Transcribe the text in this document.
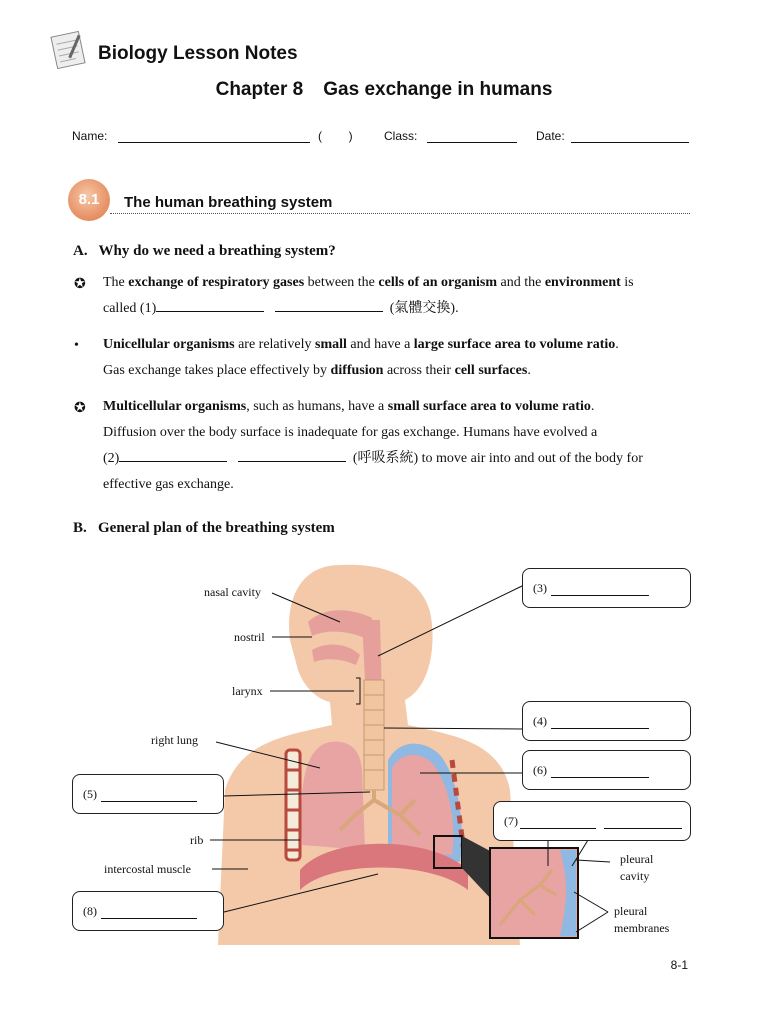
Biology Lesson Notes
Chapter 8 Gas exchange in humans
Name:	(        )	Class:	Date:
8.1	The human breathing system
A.   Why do we need a breathing system?
✪ The exchange of respiratory gases between the cells of an organism and the environment is
called (1)	(氣體交換).
• Unicellular organisms are relatively small and have a large surface area to volume ratio.
Gas exchange takes place effectively by diffusion across their cell surfaces.
✪ Multicellular organisms, such as humans, have a small surface area to volume ratio.
Diffusion over the body surface is inadequate for gas exchange. Humans have evolved a
(2)	(呼吸系統) to move air into and out of the body for
effective gas exchange.
B.   General plan of the breathing system
nasal cavity
nostril
larynx
right lung
rib
intercostal muscle
pleural
cavity
pleural
membranes
(3)
(4)
(6)
(5)
(7)
(8)
8-1
